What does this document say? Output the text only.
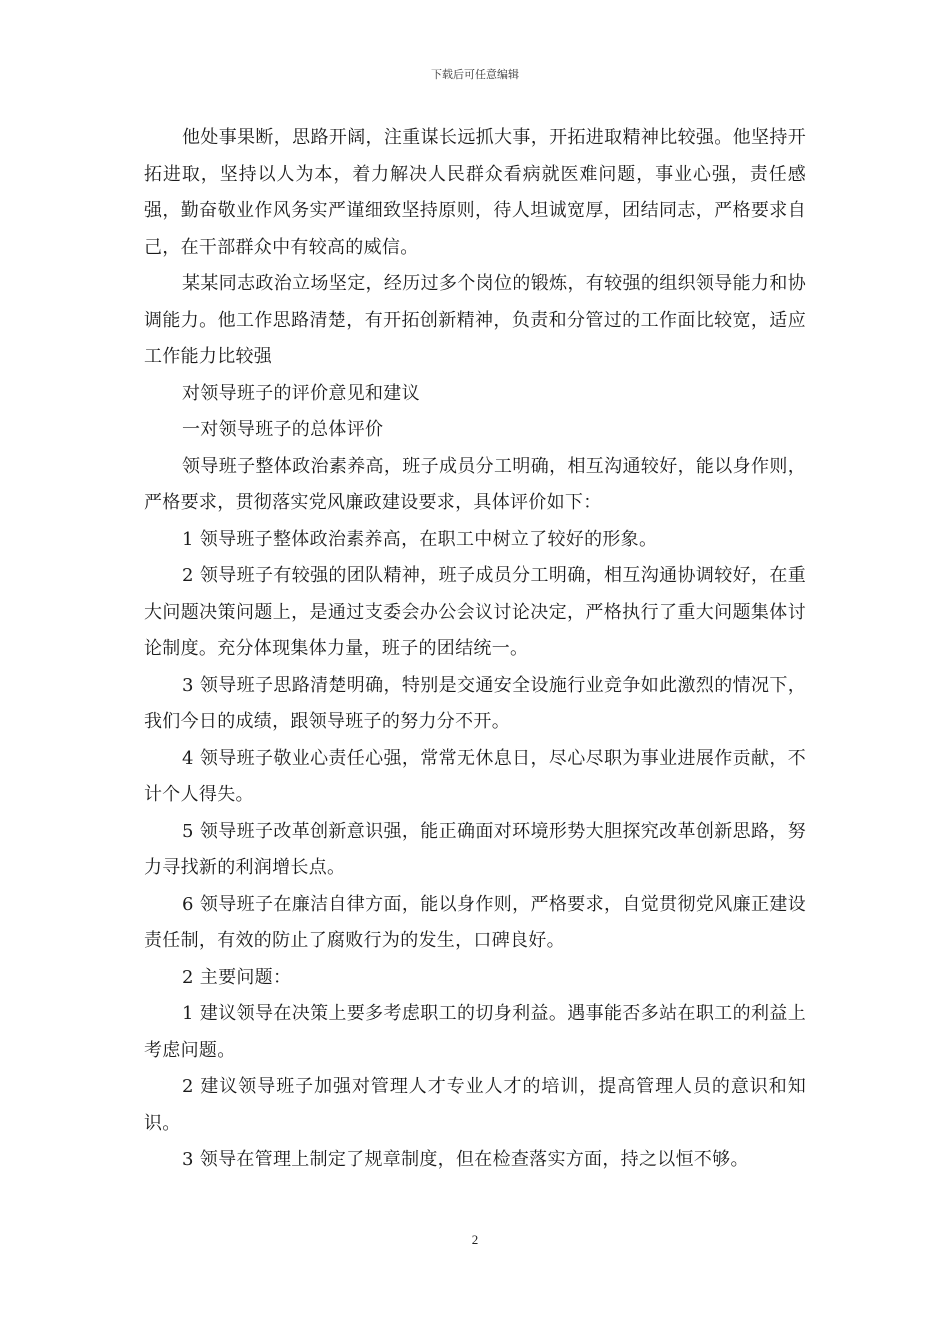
下载后可任意编辑

他处事果断，思路开阔，注重谋长远抓大事，开拓进取精神比较强。他坚持开拓进取，坚持以人为本，着力解决人民群众看病就医难问题，事业心强，责任感强，勤奋敬业作风务实严谨细致坚持原则，待人坦诚宽厚，团结同志，严格要求自己，在干部群众中有较高的威信。

某某同志政治立场坚定，经历过多个岗位的锻炼，有较强的组织领导能力和协调能力。他工作思路清楚，有开拓创新精神，负责和分管过的工作面比较宽，适应工作能力比较强

对领导班子的评价意见和建议

一对领导班子的总体评价

领导班子整体政治素养高，班子成员分工明确，相互沟通较好，能以身作则，严格要求，贯彻落实党风廉政建设要求，具体评价如下：

1 领导班子整体政治素养高，在职工中树立了较好的形象。

2 领导班子有较强的团队精神，班子成员分工明确，相互沟通协调较好，在重大问题决策问题上，是通过支委会办公会议讨论决定，严格执行了重大问题集体讨论制度。充分体现集体力量，班子的团结统一。

3 领导班子思路清楚明确，特别是交通安全设施行业竞争如此激烈的情况下，我们今日的成绩，跟领导班子的努力分不开。

4 领导班子敬业心责任心强，常常无休息日，尽心尽职为事业进展作贡献，不计个人得失。

5 领导班子改革创新意识强，能正确面对环境形势大胆探究改革创新思路，努力寻找新的利润增长点。

6 领导班子在廉洁自律方面，能以身作则，严格要求，自觉贯彻党风廉正建设责任制，有效的防止了腐败行为的发生，口碑良好。

2 主要问题：

1 建议领导在决策上要多考虑职工的切身利益。遇事能否多站在职工的利益上考虑问题。

2 建议领导班子加强对管理人才专业人才的培训，提高管理人员的意识和知识。

3 领导在管理上制定了规章制度，但在检查落实方面，持之以恒不够。

2
